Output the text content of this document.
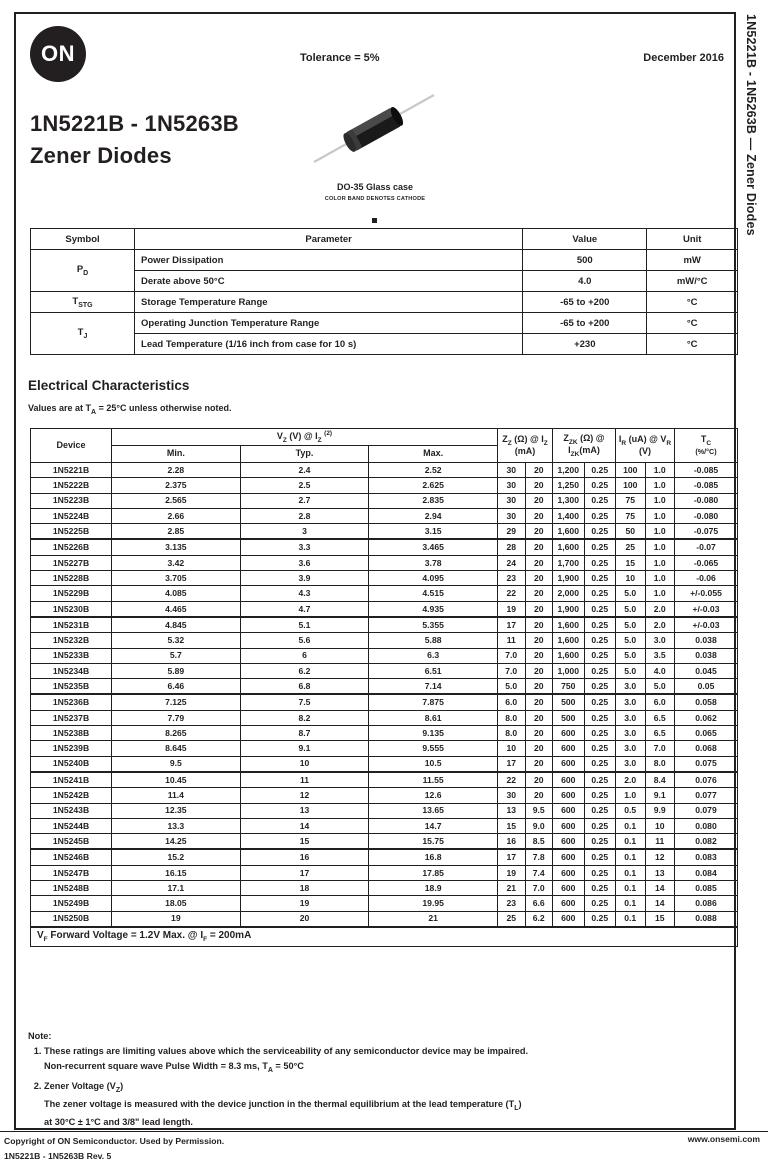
1N5221B - 1N5263B — Zener Diodes
ON
1N5221B - 1N5263B
Zener Diodes
Tolerance = 5%	December 2016
DO-35 Glass case
COLOR BAND DENOTES CATHODE
Symbol	Parameter	Value	Unit
$P_D$	Power Dissipation	500	mW
	Derate above 50°C	4.0	mW/°C
$T_{STG}$	Storage Temperature Range	-65 to +200	°C
$T_J$	Operating Junction Temperature Range	-65 to +200	°C
	Lead Temperature (1/16 inch from case for 10 s)	+230	°C
Electrical Characteristics
Values are at $T_A = 25^\circ C$ unless otherwise noted.
Device	$V_Z$ (V) @ $I_Z$ $^{(2)}$			$Z_Z$ (Ω) @ $I_Z$ (mA)		$Z_{ZK}$ (Ω) @ $I_{ZK}(mA)$		$I_R$ (uA) @ $V_R$ (V)		$T_C$
(%/°C)
	Min.	Typ.	Max.							
1N5221B	2.28	2.4	2.52	30	20	1,200	0.25	100	1.0	-0.085
1N5222B	2.375	2.5	2.625	30	20	1,250	0.25	100	1.0	-0.085
1N5223B	2.565	2.7	2.835	30	20	1,300	0.25	75	1.0	-0.080
1N5224B	2.66	2.8	2.94	30	20	1,400	0.25	75	1.0	-0.080
1N5225B	2.85	3	3.15	29	20	1,600	0.25	50	1.0	-0.075
1N5226B	3.135	3.3	3.465	28	20	1,600	0.25	25	1.0	-0.07
1N5227B	3.42	3.6	3.78	24	20	1,700	0.25	15	1.0	-0.065
1N5228B	3.705	3.9	4.095	23	20	1,900	0.25	10	1.0	-0.06
1N5229B	4.085	4.3	4.515	22	20	2,000	0.25	5.0	1.0	+/-0.055
1N5230B	4.465	4.7	4.935	19	20	1,900	0.25	5.0	2.0	+/-0.03
1N5231B	4.845	5.1	5.355	17	20	1,600	0.25	5.0	2.0	+/-0.03
1N5232B	5.32	5.6	5.88	11	20	1,600	0.25	5.0	3.0	0.038
1N5233B	5.7	6	6.3	7.0	20	1,600	0.25	5.0	3.5	0.038
1N5234B	5.89	6.2	6.51	7.0	20	1,000	0.25	5.0	4.0	0.045
1N5235B	6.46	6.8	7.14	5.0	20	750	0.25	3.0	5.0	0.05
1N5236B	7.125	7.5	7.875	6.0	20	500	0.25	3.0	6.0	0.058
1N5237B	7.79	8.2	8.61	8.0	20	500	0.25	3.0	6.5	0.062
1N5238B	8.265	8.7	9.135	8.0	20	600	0.25	3.0	6.5	0.065
1N5239B	8.645	9.1	9.555	10	20	600	0.25	3.0	7.0	0.068
1N5240B	9.5	10	10.5	17	20	600	0.25	3.0	8.0	0.075
1N5241B	10.45	11	11.55	22	20	600	0.25	2.0	8.4	0.076
1N5242B	11.4	12	12.6	30	20	600	0.25	1.0	9.1	0.077
1N5243B	12.35	13	13.65	13	9.5	600	0.25	0.5	9.9	0.079
1N5244B	13.3	14	14.7	15	9.0	600	0.25	0.1	10	0.080
1N5245B	14.25	15	15.75	16	8.5	600	0.25	0.1	11	0.082
1N5246B	15.2	16	16.8	17	7.8	600	0.25	0.1	12	0.083
1N5247B	16.15	17	17.85	19	7.4	600	0.25	0.1	13	0.084
1N5248B	17.1	18	18.9	21	7.0	600	0.25	0.1	14	0.085
1N5249B	18.05	19	19.95	23	6.6	600	0.25	0.1	14	0.086
1N5250B	19	20	21	25	6.2	600	0.25	0.1	15	0.088
$V_F$ Forward Voltage = 1.2V Max. @ $I_F = 200mA$										
Note:
1. These ratings are limiting values above which the serviceability of any semiconductor device may be impaired.
Non-recurrent square wave Pulse Width = 8.3 ms, $T_A = 50^\circ C$
2. Zener Voltage $(V_Z)$
The zener voltage is measured with the device junction in the thermal equilibrium at the lead temperature $(T_L)$
at 30°C ± 1°C and 3/8" lead length.
Copyright of ON Semiconductor. Used by Permission.
1N5221B - 1N5263B Rev. 5
www.onsemi.com
